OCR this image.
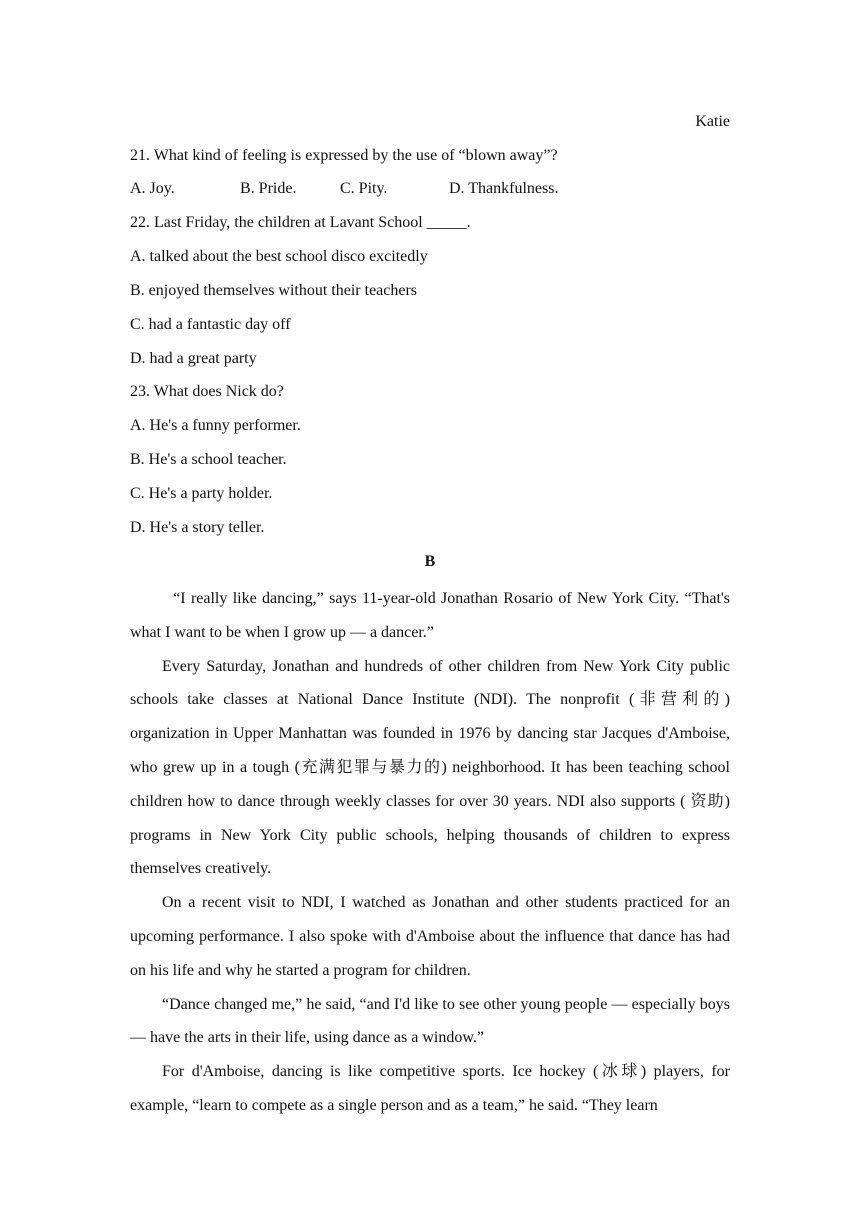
Katie
21. What kind of feeling is expressed by the use of “blown away”?
A. Joy.	B. Pride.	C. Pity.	D. Thankfulness.
22. Last Friday, the children at Lavant School _____.
A. talked about the best school disco excitedly
B. enjoyed themselves without their teachers
C. had a fantastic day off
D. had a great party
23. What does Nick do?
A. He's a funny performer.
B. He's a school teacher.
C. He's a party holder.
D. He's a story teller.
B

“I really like dancing,” says 11-year-old Jonathan Rosario of New York City. “That's what I want to be when I grow up — a dancer.”

Every Saturday, Jonathan and hundreds of other children from New York City public schools take classes at National Dance Institute (NDI). The nonprofit (非营利的) organization in Upper Manhattan was founded in 1976 by dancing star Jacques d'Amboise, who grew up in a tough (充满犯罪与暴力的) neighborhood. It has been teaching school children how to dance through weekly classes for over 30 years. NDI also supports ( 资助) programs in New York City public schools, helping thousands of children to express themselves creatively.

On a recent visit to NDI, I watched as Jonathan and other students practiced for an upcoming performance. I also spoke with d'Amboise about the influence that dance has had on his life and why he started a program for children.

“Dance changed me,” he said, “and I'd like to see other young people — especially boys — have the arts in their life, using dance as a window.”

For d'Amboise, dancing is like competitive sports. Ice hockey (冰球) players, for example, “learn to compete as a single person and as a team,” he said. “They learn
